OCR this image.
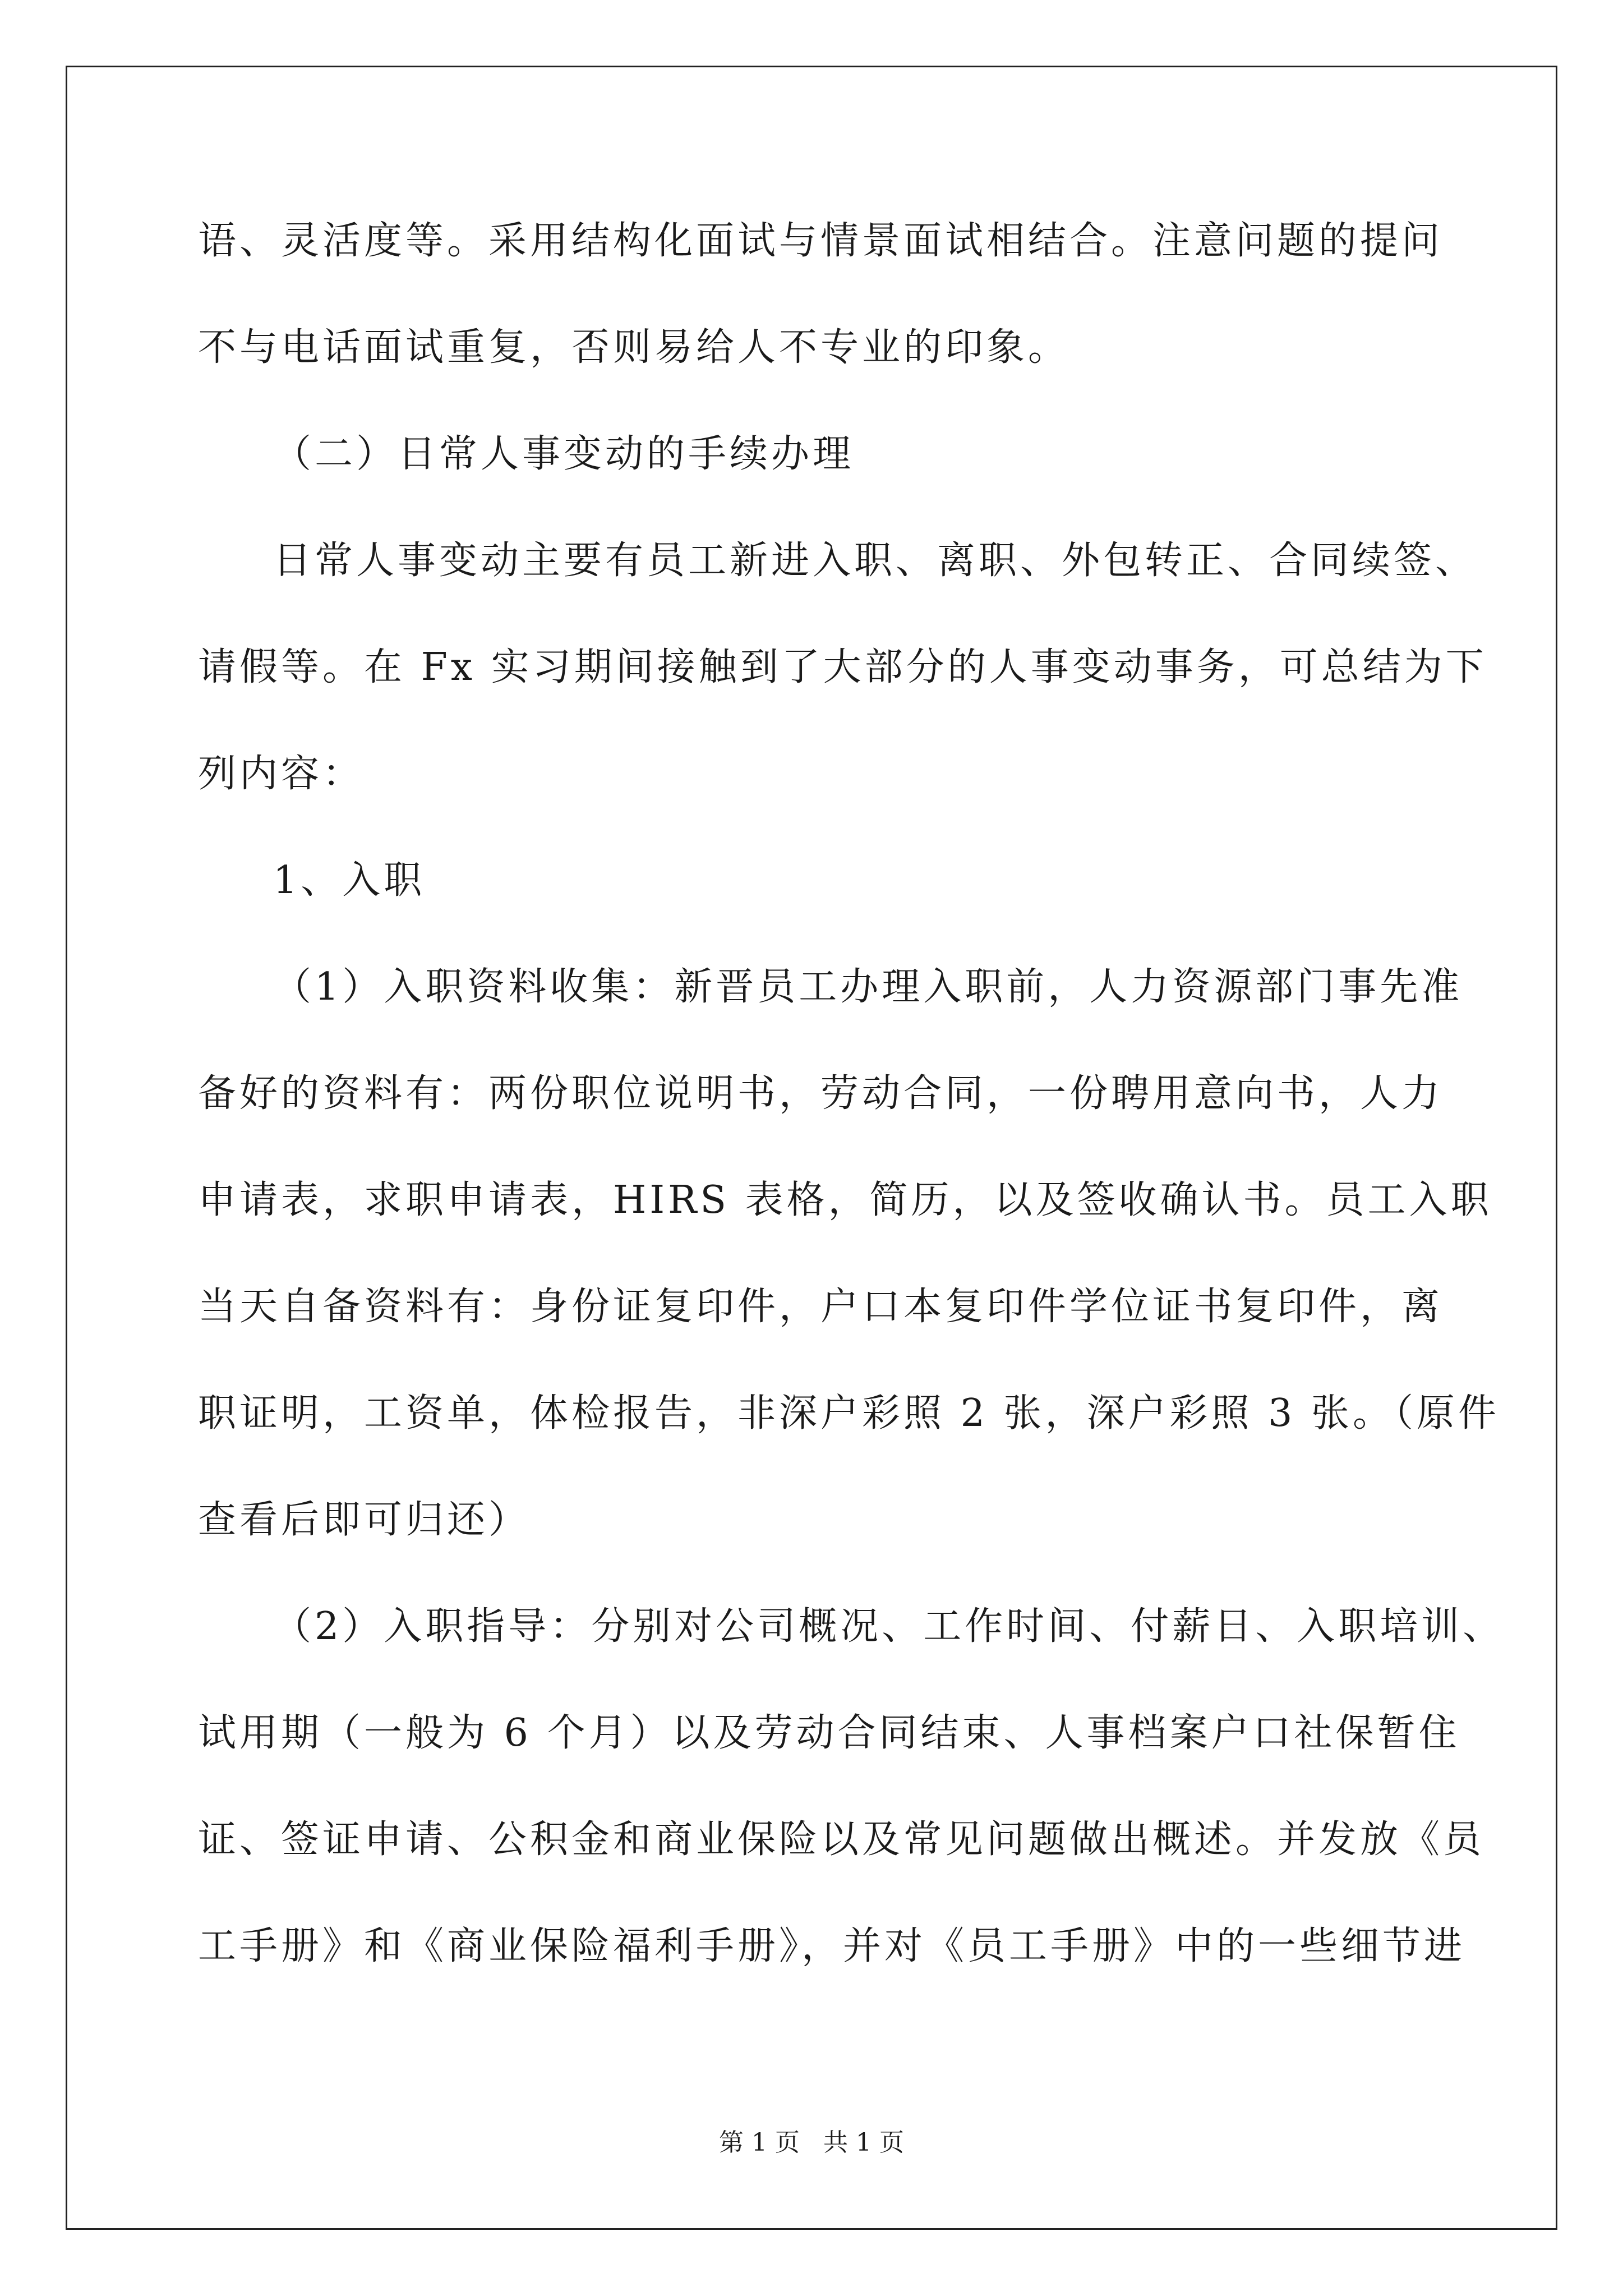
语、灵活度等。采用结构化面试与情景面试相结合。注意问题的提问
不与电话面试重复，否则易给人不专业的印象。
（二）日常人事变动的手续办理
日常人事变动主要有员工新进入职、离职、外包转正、合同续签、
请假等。在 Fx 实习期间接触到了大部分的人事变动事务，可总结为下
列内容：
1、入职
（1）入职资料收集：新晋员工办理入职前，人力资源部门事先准
备好的资料有：两份职位说明书，劳动合同，一份聘用意向书，人力
申请表，求职申请表，HIRS 表格，简历，以及签收确认书。员工入职
当天自备资料有：身份证复印件，户口本复印件学位证书复印件，离
职证明，工资单，体检报告，非深户彩照 2 张，深户彩照 3 张。（原件
查看后即可归还）
（2）入职指导：分别对公司概况、工作时间、付薪日、入职培训、
试用期（一般为 6 个月）以及劳动合同结束、人事档案户口社保暂住
证、签证申请、公积金和商业保险以及常见问题做出概述。并发放《员
工手册》和《商业保险福利手册》，并对《员工手册》中的一些细节进
第 1 页   共 1 页
